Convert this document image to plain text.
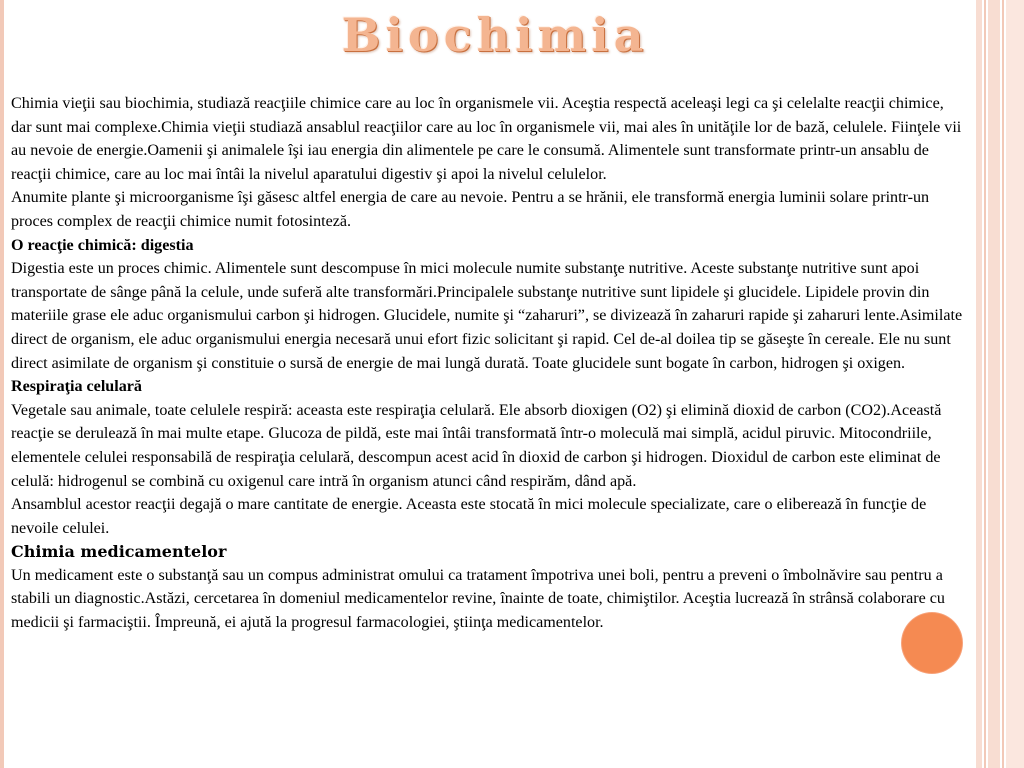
Biochimia

Chimia vieţii sau biochimia, studiază reacţiile chimice care au loc în organismele vii. Aceştia respectă aceleaşi legi ca şi celelalte reacţii chimice, dar sunt mai complexe.Chimia vieţii studiază ansablul reacţiilor care au loc în organismele vii, mai ales în unităţile lor de bază, celulele. Fiinţele vii au nevoie de energie.Oamenii şi animalele îşi iau energia din alimentele pe care le consumă. Alimentele sunt transformate printr-un ansablu de reacţii chimice, care au loc mai întâi la nivelul aparatului digestiv şi apoi la nivelul celulelor.

Anumite plante şi microorganisme îşi găsesc altfel energia de care au nevoie. Pentru a se hrănii, ele transformă energia luminii solare printr-un proces complex de reacţii chimice numit fotosinteză.

O reacţie chimică: digestia

Digestia este un proces chimic. Alimentele sunt descompuse în mici molecule numite substanţe nutritive. Aceste substanţe nutritive sunt apoi transportate de sânge până la celule, unde suferă alte transformări.Principalele substanţe nutritive sunt lipidele şi glucidele. Lipidele provin din materiile grase ele aduc organismului carbon şi hidrogen. Glucidele, numite şi “zaharuri”, se divizează în zaharuri rapide şi zaharuri lente.Asimilate direct de organism, ele aduc organismului energia necesară unui efort fizic solicitant şi rapid. Cel de-al doilea tip se găseşte în cereale. Ele nu sunt direct asimilate de organism şi constituie o sursă de energie de mai lungă durată. Toate glucidele sunt bogate în carbon, hidrogen şi oxigen.

Respiraţia celulară

Vegetale sau animale, toate celulele respiră: aceasta este respiraţia celulară. Ele absorb dioxigen (O2) şi elimină dioxid de carbon (CO2).Această reacţie se derulează în mai multe etape. Glucoza de pildă, este mai întâi transformată într-o moleculă mai simplă, acidul piruvic. Mitocondriile, elementele celulei responsabilă de respiraţia celulară, descompun acest acid în dioxid de carbon şi hidrogen. Dioxidul de carbon este eliminat de celulă: hidrogenul se combină cu oxigenul care intră în organism atunci când respirăm, dând apă.

Ansamblul acestor reacţii degajă o mare cantitate de energie. Aceasta este stocată în mici molecule specializate, care o eliberează în funcţie de nevoile celulei.

Chimia medicamentelor

Un medicament este o substanţă sau un compus administrat omului ca tratament împotriva unei boli, pentru a preveni o îmbolnăvire sau pentru a stabili un diagnostic.Astăzi, cercetarea în domeniul medicamentelor revine, înainte de toate, chimiştilor. Aceştia lucrează în strânsă colaborare cu medicii şi farmaciştii. Împreună, ei ajută la progresul farmacologiei, ştiinţa medicamentelor.
